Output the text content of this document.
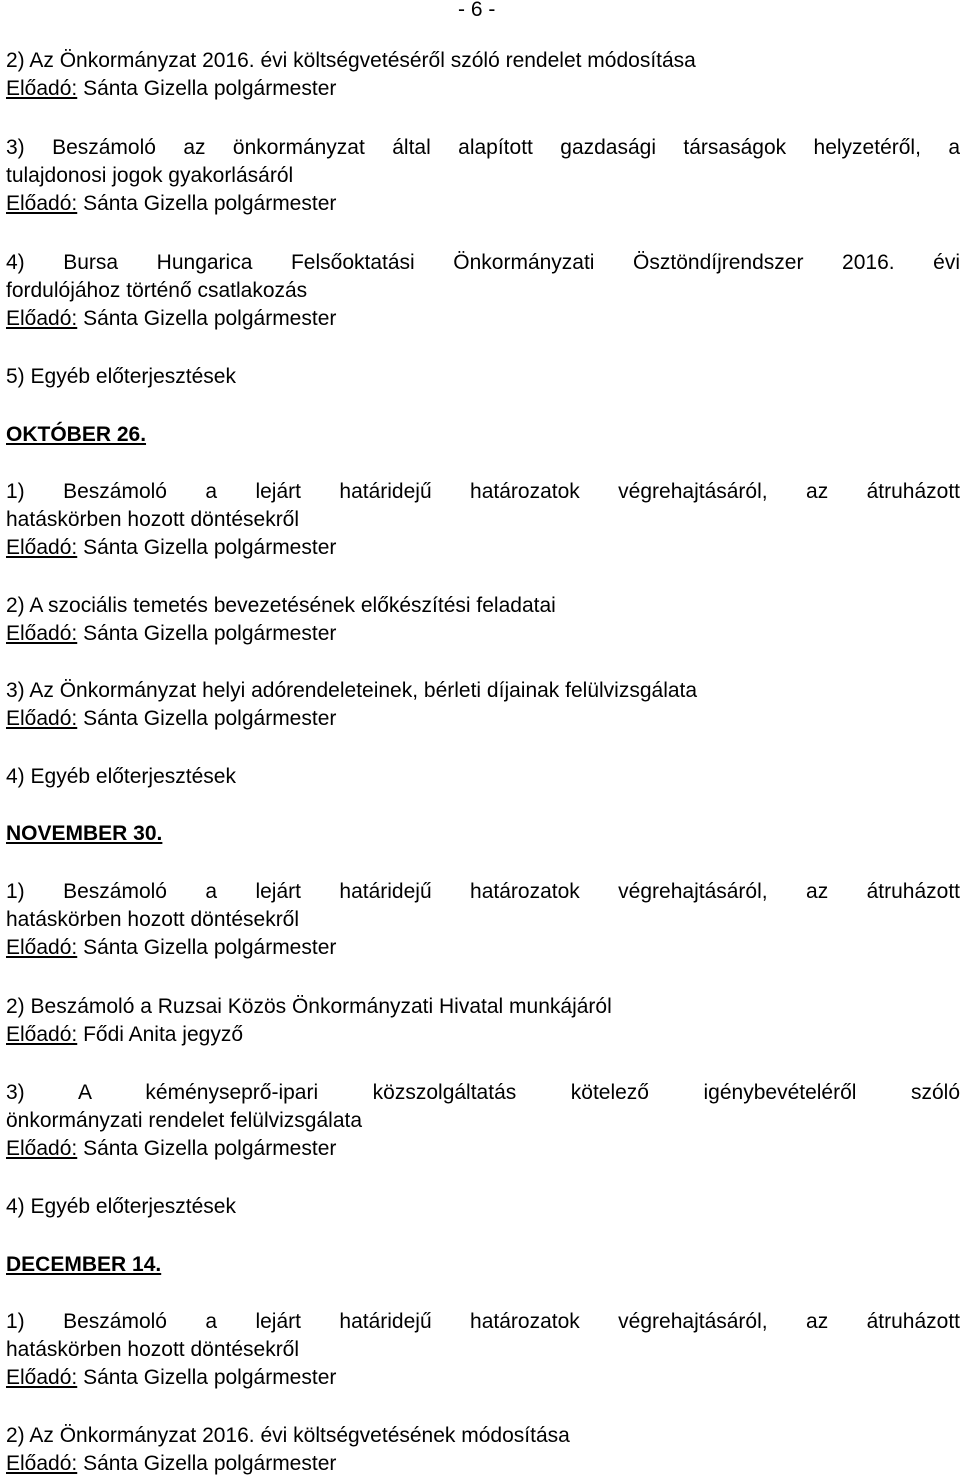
- 6 -
2) Az Önkormányzat 2016. évi költségvetéséről szóló rendelet módosítása
Előadó: Sánta Gizella polgármester
3) Beszámoló az önkormányzat által alapított gazdasági társaságok helyzetéről, a
tulajdonosi jogok gyakorlásáról
Előadó: Sánta Gizella polgármester
4) Bursa Hungarica Felsőoktatási Önkormányzati Ösztöndíjrendszer 2016. évi
fordulójához történő csatlakozás
Előadó: Sánta Gizella polgármester
5) Egyéb előterjesztések
OKTÓBER 26.
1) Beszámoló a lejárt határidejű határozatok végrehajtásáról, az átruházott
hatáskörben hozott döntésekről
Előadó: Sánta Gizella polgármester
2) A szociális temetés bevezetésének előkészítési feladatai
Előadó: Sánta Gizella polgármester
3) Az Önkormányzat helyi adórendeleteinek, bérleti díjainak felülvizsgálata
Előadó: Sánta Gizella polgármester
4) Egyéb előterjesztések
NOVEMBER 30.
1) Beszámoló a lejárt határidejű határozatok végrehajtásáról, az átruházott
hatáskörben hozott döntésekről
Előadó: Sánta Gizella polgármester
2) Beszámoló a Ruzsai Közös Önkormányzati Hivatal munkájáról
Előadó: Fődi Anita jegyző
3) A kéményseprő-ipari közszolgáltatás kötelező igénybevételéről szóló
önkormányzati rendelet felülvizsgálata
Előadó: Sánta Gizella polgármester
4) Egyéb előterjesztések
DECEMBER 14.
1) Beszámoló a lejárt határidejű határozatok végrehajtásáról, az átruházott
hatáskörben hozott döntésekről
Előadó: Sánta Gizella polgármester
2) Az Önkormányzat 2016. évi költségvetésének módosítása
Előadó: Sánta Gizella polgármester
